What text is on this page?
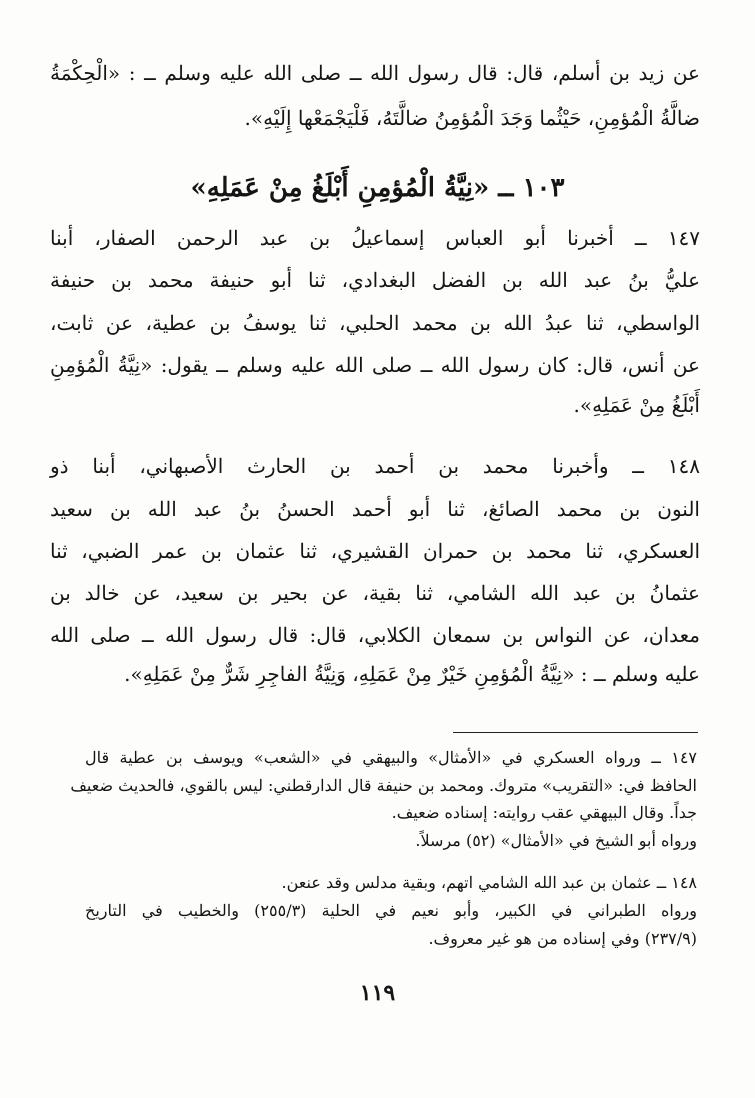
عن زيد بن أسلم، قال: قال رسول الله ــ صلى الله عليه وسلم ــ : «الْحِكْمَةُ
ضالَّةُ الْمُؤمِنِ، حَيْثُما وَجَدَ الْمُؤمِنُ ضالَّتَهُ، فَلْيَجْمَعْها إِلَيْهِ».
١٠٣ ــ «نِيَّةُ الْمُؤمِنِ أَبْلَغُ مِنْ عَمَلِهِ»
١٤٧ ــ أخبرنا أبو العباس إسماعيلُ بن عبد الرحمن الصفار، أبنا
عليُّ بنُ عبد الله بن الفضل البغدادي، ثنا أبو حنيفة محمد بن حنيفة
الواسطي، ثنا عبدُ الله بن محمد الحلبي، ثنا يوسفُ بن عطية، عن ثابت،
عن أنس، قال: كان رسول الله ــ صلى الله عليه وسلم ــ يقول: «نِيَّةُ الْمُؤمِنِ
أَبْلَغُ مِنْ عَمَلِهِ».
١٤٨ ــ وأخبرنا محمد بن أحمد بن الحارث الأصبهاني، أبنا ذو
النون بن محمد الصائغ، ثنا أبو أحمد الحسنُ بنُ عبد الله بن سعيد
العسكري، ثنا محمد بن حمران القشيري، ثنا عثمان بن عمر الضبي، ثنا
عثمانُ بن عبد الله الشامي، ثنا بقية، عن بحير بن سعيد، عن خالد بن
معدان، عن النواس بن سمعان الكلابي، قال: قال رسول الله ــ صلى الله
عليه وسلم ــ : «نِيَّةُ الْمُؤمِنِ خَيْرٌ مِنْ عَمَلِهِ، وَنِيَّةُ الفاجِرِ شَرٌّ مِنْ عَمَلِهِ».
١٤٧ ــ ورواه العسكري في «الأمثال» والبيهقي في «الشعب» ويوسف بن عطية قال
الحافظ في: «التقريب» متروك. ومحمد بن حنيفة قال الدارقطني: ليس بالقوي، فالحديث ضعيف
جداً. وقال البيهقي عقب روايته: إسناده ضعيف.
ورواه أبو الشيخ في «الأمثال» (٥٢) مرسلاً.
١٤٨ ــ عثمان بن عبد الله الشامي اتهم، وبقية مدلس وقد عنعن.
ورواه الطبراني في الكبير، وأبو نعيم في الحلية (٢٥٥/٣) والخطيب في التاريخ
(٢٣٧/٩) وفي إسناده من هو غير معروف.
١١٩
